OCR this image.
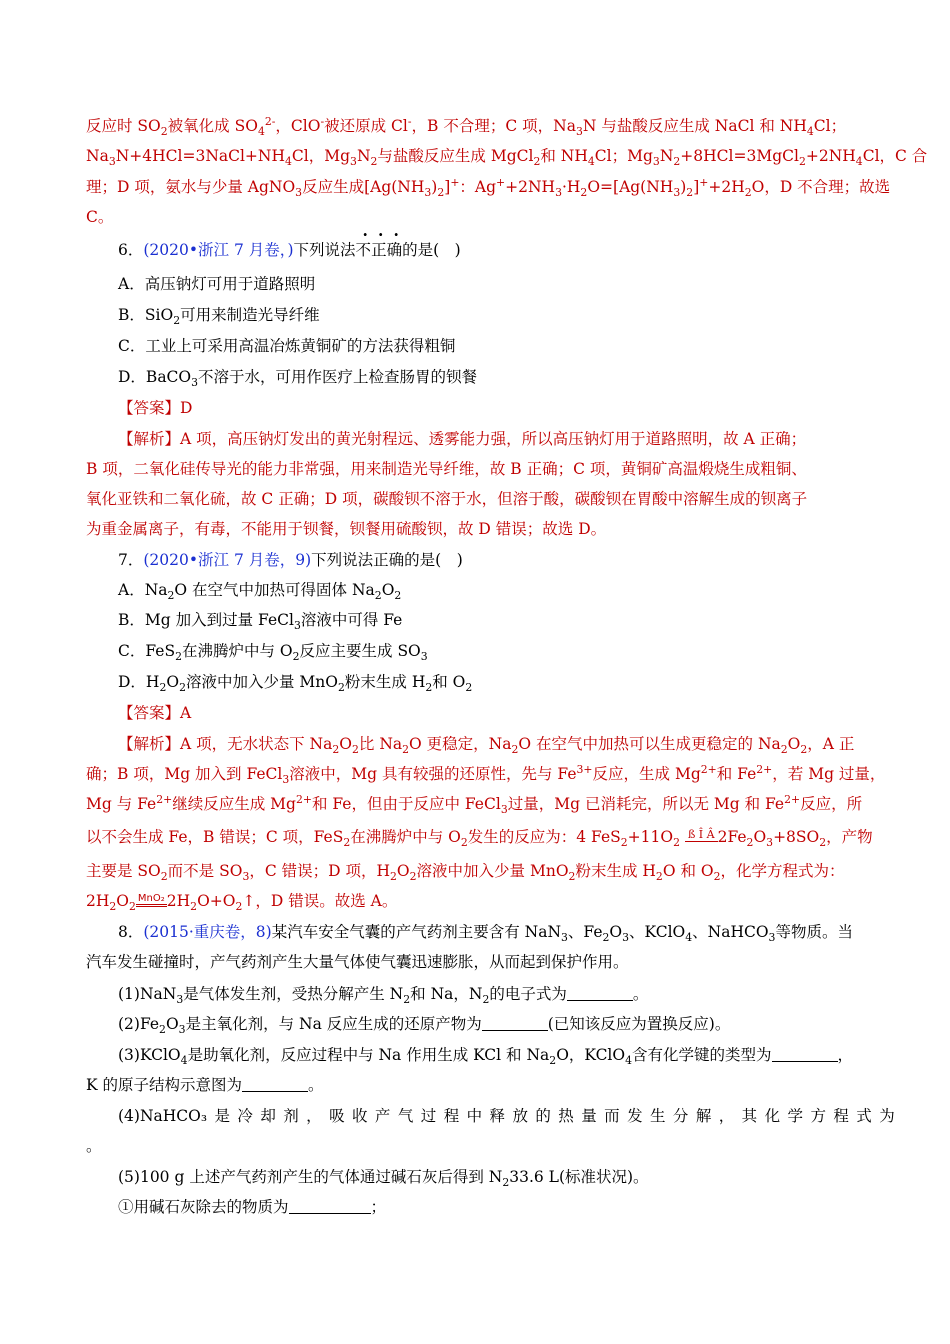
反应时 $SO_2$被氧化成 $SO_4^{2-}$，ClO-被还原成 Cl-，B 不合理；C 项，$Na_3N$ 与盐酸反应生成 NaCl 和 $NH_4Cl$；
$Na_3N+4HCl=3NaCl+NH_4Cl$，$Mg_3N_2$与盐酸反应生成 MgCl$_2$和 $NH_4Cl$；$Mg_3N_2+8HCl=3MgCl_2+2NH_4Cl$，C 合
理；D 项，氨水与少量 AgNO$_3$反应生成$[Ag(NH_3)_2]^+$：$Ag^++2NH_3\cdot H_2O=[Ag(NH_3)_2]^++2H_2O$，D 不合理；故选
C。
6．(2020•浙江 7 月卷，)下列说法不正确的是(　)
A．高压钠灯可用于道路照明
B．SiO$_2$可用来制造光导纤维
C．工业上可采用高温冶炼黄铜矿的方法获得粗铜
D．BaCO$_3$不溶于水，可用作医疗上检查肠胃的钡餐
【答案】D
【解析】A 项，高压钠灯发出的黄光射程远、透雾能力强，所以高压钠灯用于道路照明，故 A 正确；
B 项，二氧化硅传导光的能力非常强，用来制造光导纤维，故 B 正确；C 项，黄铜矿高温煅烧生成粗铜、
氧化亚铁和二氧化硫，故 C 正确；D 项，碳酸钡不溶于水，但溶于酸，碳酸钡在胃酸中溶解生成的钡离子
为重金属离子，有毒，不能用于钡餐，钡餐用硫酸钡，故 D 错误；故选 D。
7．(2020•浙江 7 月卷，9)下列说法正确的是(　)
A．$Na_2O$ 在空气中加热可得固体 $Na_2O_2$
B．Mg 加入到过量 FeCl$_3$溶液中可得 Fe
C．FeS$_2$在沸腾炉中与 $O_2$反应主要生成 $SO_3$
D．$H_2O_2$溶液中加入少量 MnO$_2$粉末生成 $H_2$和 $O_2$
【答案】A
【解析】A 项，无水状态下 $Na_2O_2$比 $Na_2O$ 更稳定，$Na_2O$ 在空气中加热可以生成更稳定的 $Na_2O_2$，A 正
确；B 项，Mg 加入到 FeCl$_3$溶液中，Mg 具有较强的还原性，先与 $Fe^{3+}$反应，生成 $Mg^{2+}$和 $Fe^{2+}$，若 Mg 过量，
Mg 与 $Fe^{2+}$继续反应生成 $Mg^{2+}$和 Fe，但由于反应中 FeCl$_3$过量，Mg 已消耗完，所以无 Mg 和 $Fe^{2+}$反应，所
以不会生成 Fe，B 错误；C 项，FeS$_2$在沸腾炉中与 $O_2$发生的反应为：4 $FeS_2+11O_2$ ß Î Â $2Fe_2O_3+8SO_2$，产物
主要是 $SO_2$而不是 $SO_3$，C 错误；D 项，$H_2O_2$溶液中加入少量 MnO$_2$粉末生成 $H_2O$ 和 $O_2$，化学方程式为：
$2H_2O_2MnO_2$ $2H_2O+O_2↑$，D 错误。故选 A。
8．(2015·重庆卷，8)某汽车安全气囊的产气药剂主要含有 NaN$_3$、$Fe_2O_3$、KClO$_4$、NaHCO$_3$等物质。当
汽车发生碰撞时，产气药剂产生大量气体使气囊迅速膨胀，从而起到保护作用。
(1)NaN$_3$是气体发生剂，受热分解产生 $N_2$和 Na，$N_2$的电子式为	。
$(2)Fe_2O_3$是主氧化剂，与 Na 反应生成的还原产物为	(已知该反应为置换反应)。
(3)KClO$_4$是助氧化剂，反应过程中与 Na 作用生成 KCl 和 $Na_2O$，KClO$_4$含有化学键的类型为	，
K 的原子结构示意图为	。
(4)NaHCO₃ 是 冷 却 剂 ， 吸 收 产 气 过 程 中 释 放 的 热 量 而 发 生 分 解 ， 其 化 学 方 程 式 为
。
(5)100 g 上述产气药剂产生的气体通过碱石灰后得到 $N_233.6$ L(标准状况)。
①用碱石灰除去的物质为	；
